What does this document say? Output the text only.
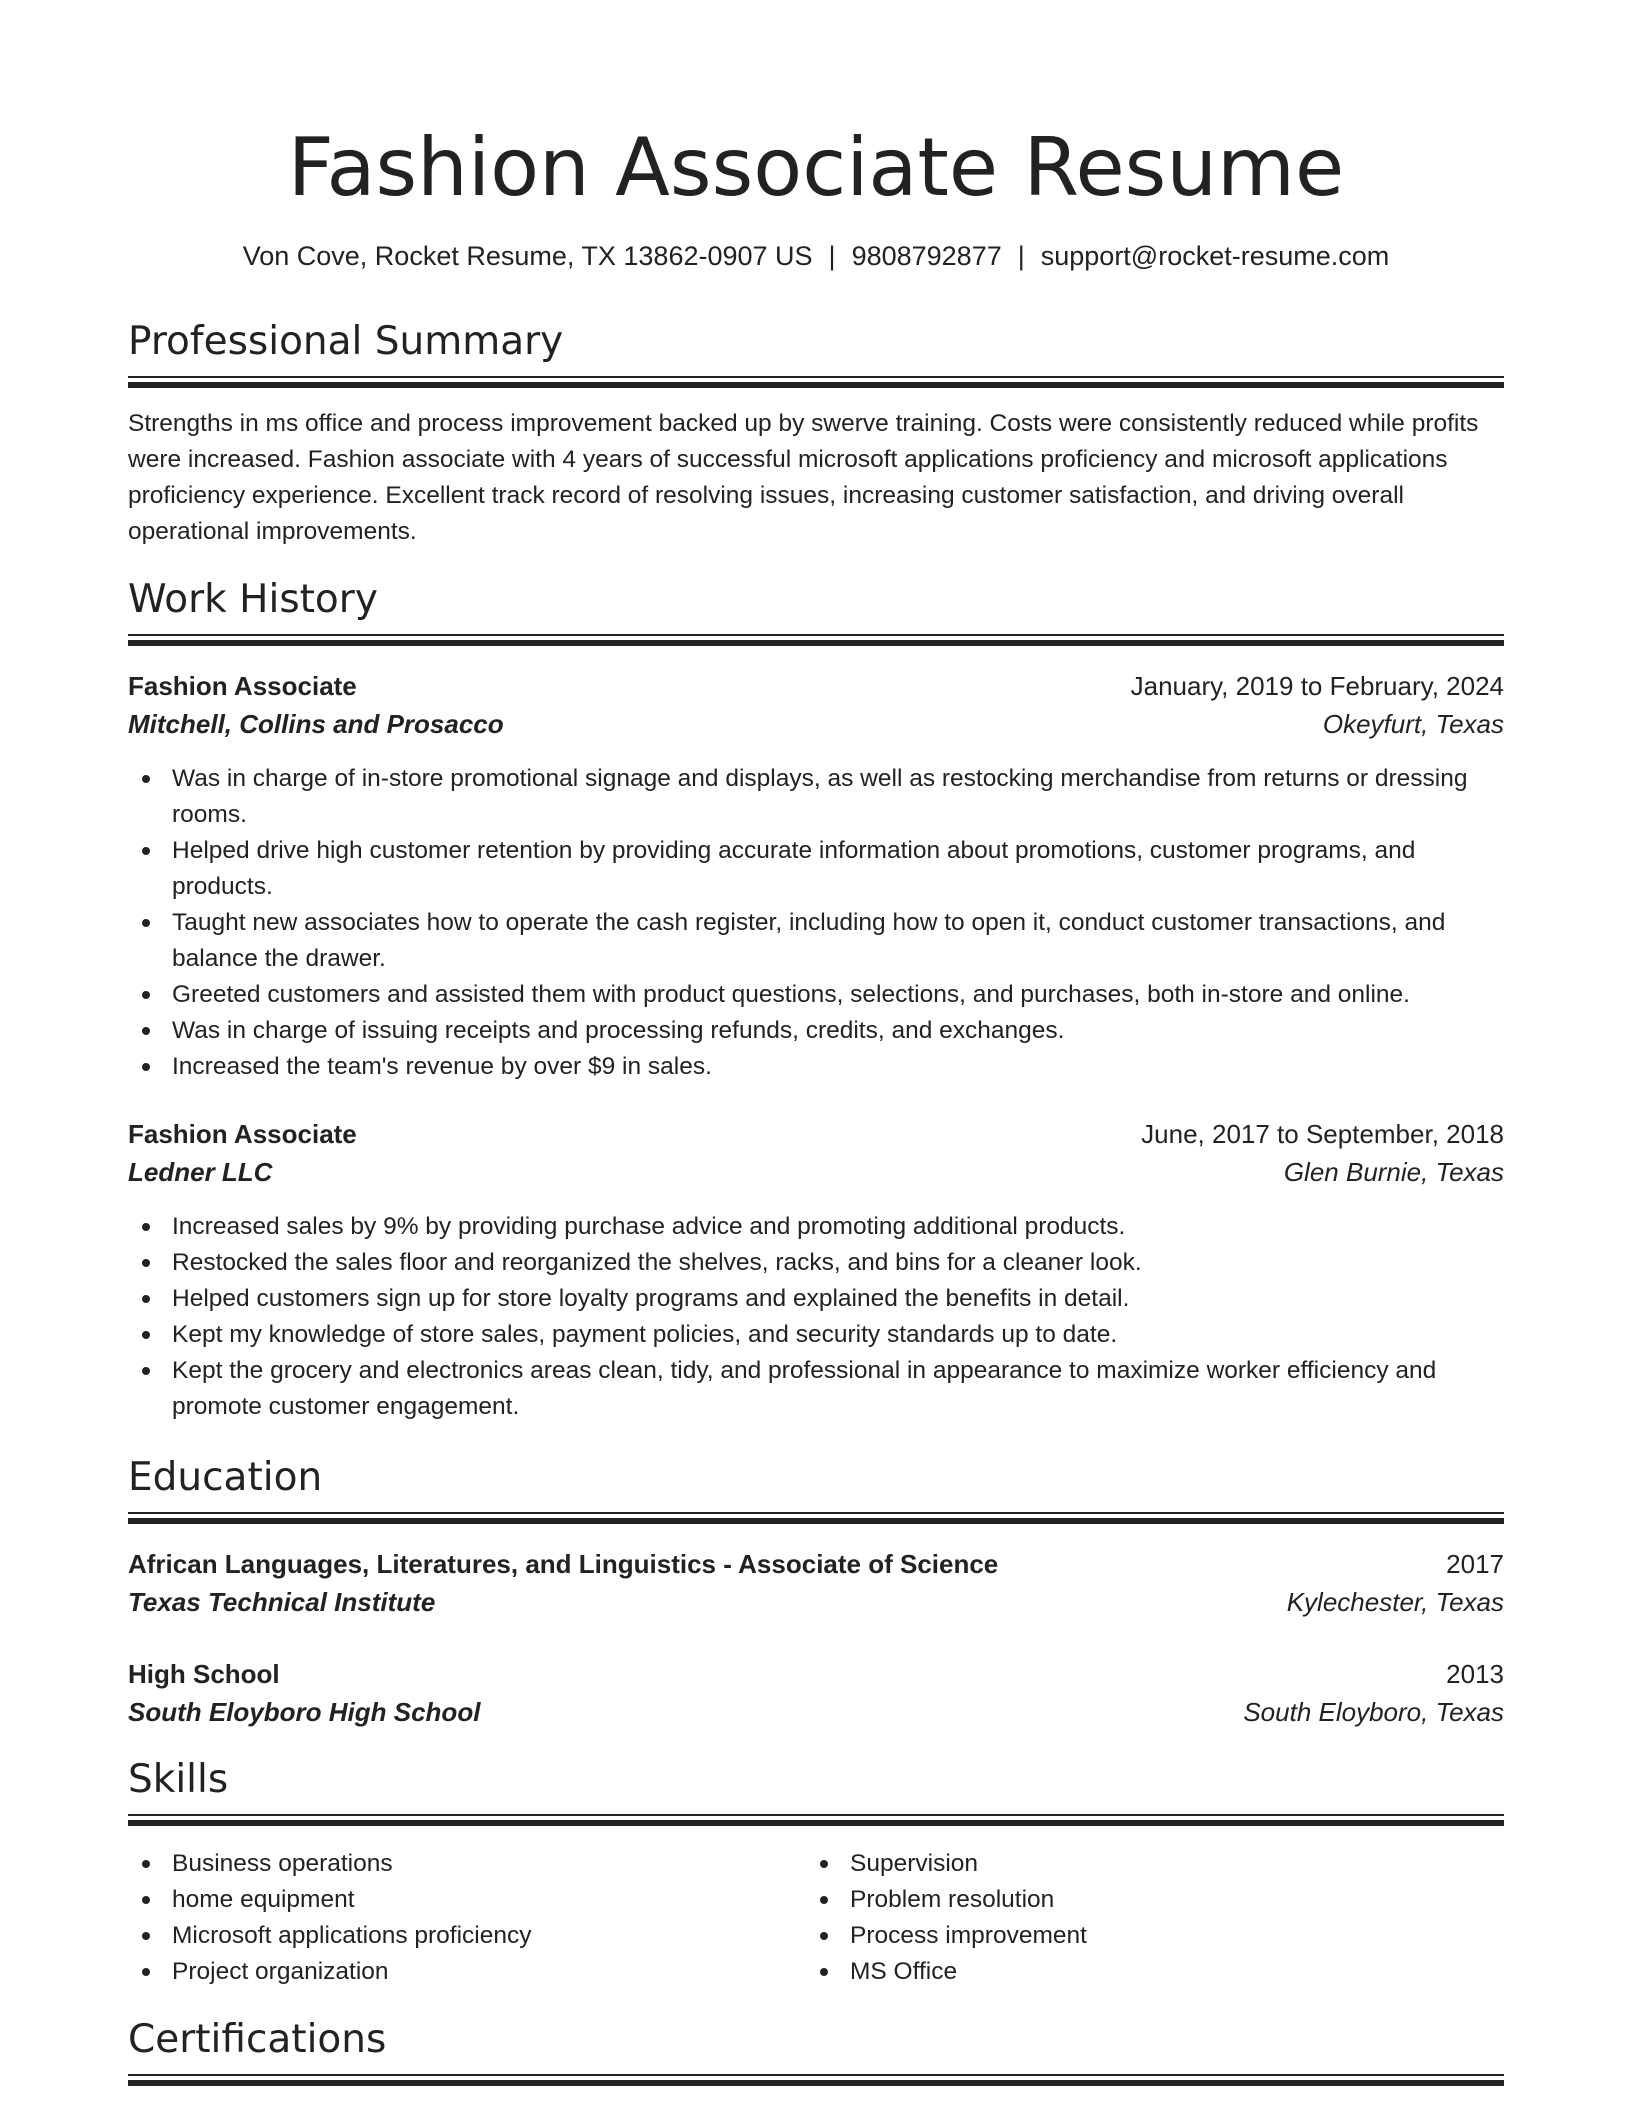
Fashion Associate Resume
Von Cove, Rocket Resume, TX 13862-0907 US | 9808792877 | support@rocket-resume.com
Professional Summary
Strengths in ms office and process improvement backed up by swerve training. Costs were consistently reduced while profits were increased. Fashion associate with 4 years of successful microsoft applications proficiency and microsoft applications proficiency experience. Excellent track record of resolving issues, increasing customer satisfaction, and driving overall operational improvements.
Work History
Fashion Associate	January, 2019 to February, 2024
Mitchell, Collins and Prosacco	Okeyfurt, Texas
Was in charge of in-store promotional signage and displays, as well as restocking merchandise from returns or dressing rooms.
Helped drive high customer retention by providing accurate information about promotions, customer programs, and products.
Taught new associates how to operate the cash register, including how to open it, conduct customer transactions, and balance the drawer.
Greeted customers and assisted them with product questions, selections, and purchases, both in-store and online.
Was in charge of issuing receipts and processing refunds, credits, and exchanges.
Increased the team's revenue by over $9 in sales.
Fashion Associate	June, 2017 to September, 2018
Ledner LLC	Glen Burnie, Texas
Increased sales by 9% by providing purchase advice and promoting additional products.
Restocked the sales floor and reorganized the shelves, racks, and bins for a cleaner look.
Helped customers sign up for store loyalty programs and explained the benefits in detail.
Kept my knowledge of store sales, payment policies, and security standards up to date.
Kept the grocery and electronics areas clean, tidy, and professional in appearance to maximize worker efficiency and promote customer engagement.
Education
African Languages, Literatures, and Linguistics - Associate of Science	2017
Texas Technical Institute	Kylechester, Texas
High School	2013
South Eloyboro High School	South Eloyboro, Texas
Skills
Business operations
home equipment
Microsoft applications proficiency
Project organization
Supervision
Problem resolution
Process improvement
MS Office
Certifications
